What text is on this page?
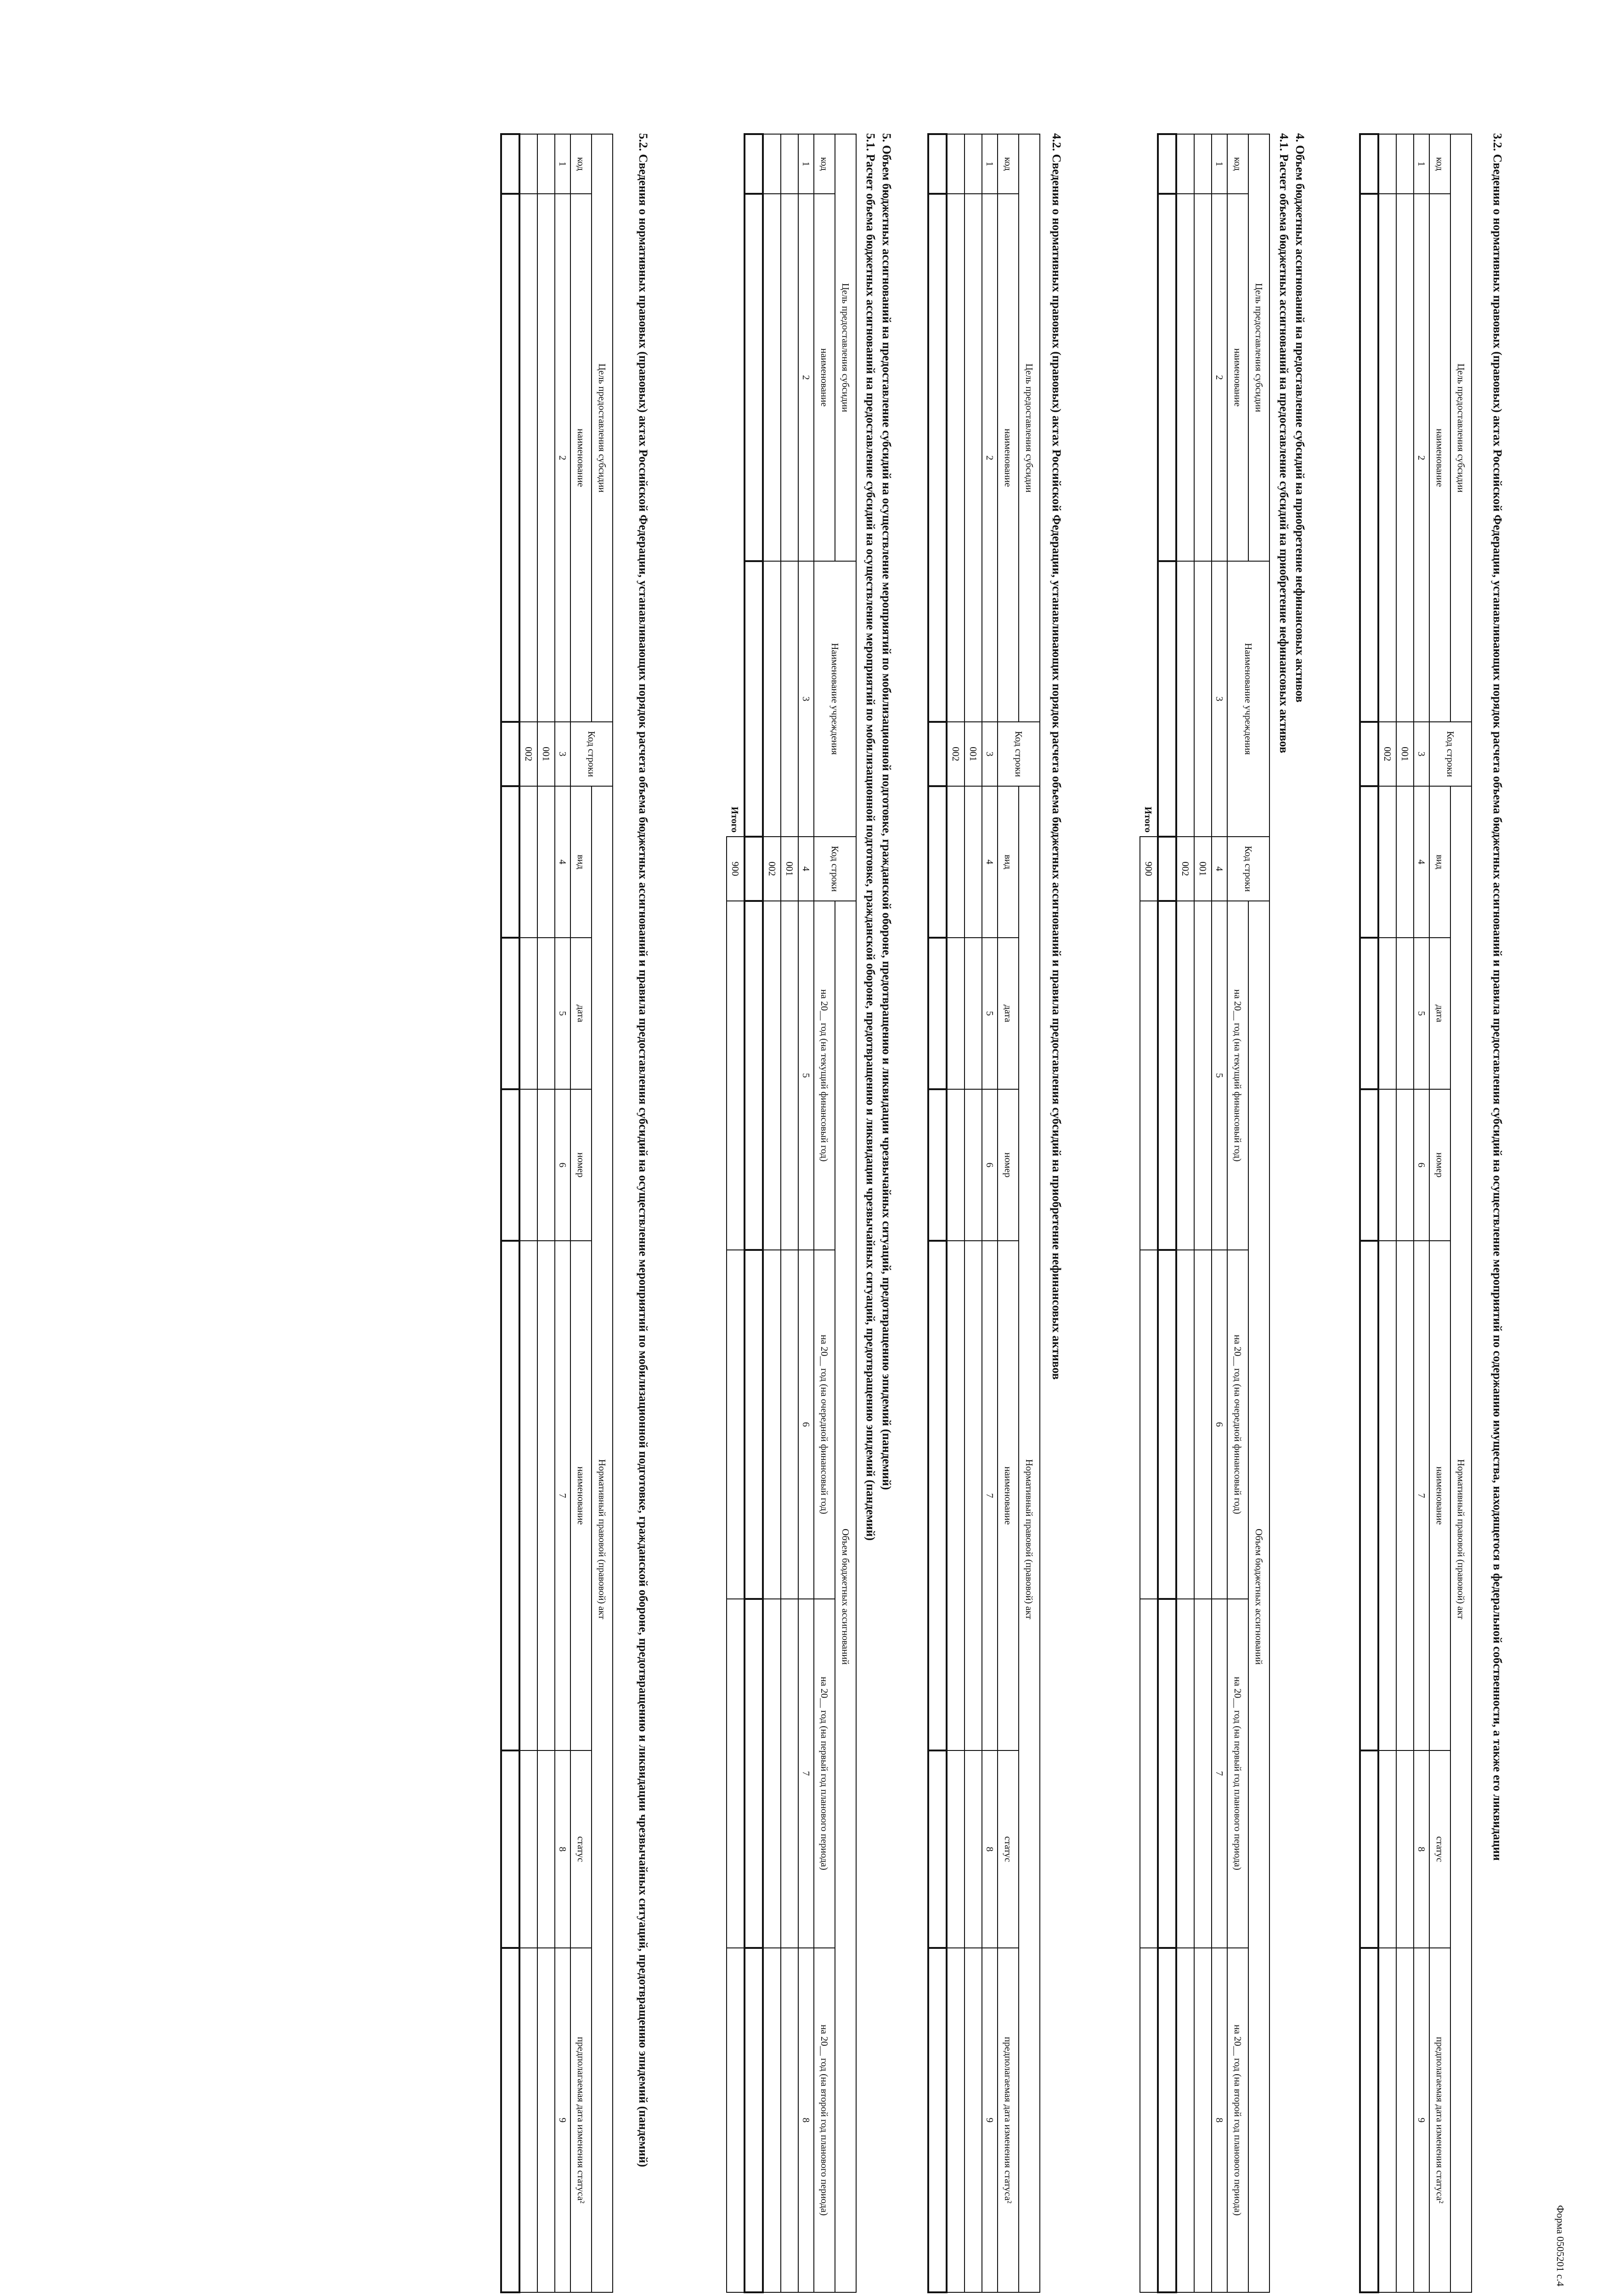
Форма 0505201 с.4
3.2. Сведения о нормативных правовых (правовых) актах Российской Федерации, устанавливающих порядок расчета объема бюджетных ассигнований и правила предоставления субсидий на осуществление мероприятий по содержанию имущества, находящегося в федеральной собственности, а также его ликвидации
Цель предоставления субсидии		Код строки	Нормативный правовой (правовой) акт					
код	наименование		вид	дата	номер	наименование	статус	предполагаемая дата изменения статуса²
1	2	3	4	5	6	7	8	9
		001						
		002						

4. Объем бюджетных ассигнований на предоставление субсидий на приобретение нефинансовых активов
4.1. Расчет объема бюджетных ассигнований на предоставление субсидий на приобретение нефинансовых активов
Цель предоставления субсидии		Наименование учреждения	Код строки	Объем бюджетных ассигнований			
код	наименование			на 20__ год (на текущий финансовый год)	на 20__ год (на очередной финансовый год)	на 20__ год (на первый год планового периода)	на 20__ год (на второй год планового периода)
1	2	3	4	5	6	7	8
			001				
			002				

Итого			900				
4.2. Сведения о нормативных правовых (правовых) актах Российской Федерации, устанавливающих порядок расчета объема бюджетных ассигнований и правила предоставления субсидий на приобретение нефинансовых активов
Цель предоставления субсидии		Код строки	Нормативный правовой (правовой) акт					
код	наименование		вид	дата	номер	наименование	статус	предполагаемая дата изменения статуса²
1	2	3	4	5	6	7	8	9
		001						
		002						

5. Объем бюджетных ассигнований на предоставление субсидий на осуществление мероприятий по мобилизационной подготовке, гражданской обороне, предотвращению и ликвидации чрезвычайных ситуаций, предотвращению эпидемий (пандемий)
5.1. Расчет объема бюджетных ассигнований на предоставление субсидий на осуществление мероприятий по мобилизационной подготовке, гражданской обороне, предотвращению и ликвидации чрезвычайных ситуаций, предотвращению эпидемий (пандемий)
Цель предоставления субсидии		Наименование учреждения	Код строки	Объем бюджетных ассигнований			
код	наименование			на 20__ год (на текущий финансовый год)	на 20__ год (на очередной финансовый год)	на 20__ год (на первый год планового периода)	на 20__ год (на второй год планового периода)
1	2	3	4	5	6	7	8
			001				
			002				

Итого			900				
5.2. Сведения о нормативных правовых (правовых) актах Российской Федерации, устанавливающих порядок расчета объема бюджетных ассигнований и правила предоставления субсидий на осуществление мероприятий по мобилизационной подготовке, гражданской обороне, предотвращению и ликвидации чрезвычайных ситуаций, предотвращению эпидемий (пандемий)
Цель предоставления субсидии		Код строки	Нормативный правовой (правовой) акт					
код	наименование		вид	дата	номер	наименование	статус	предполагаемая дата изменения статуса²
1	2	3	4	5	6	7	8	9
		001						
		002						
